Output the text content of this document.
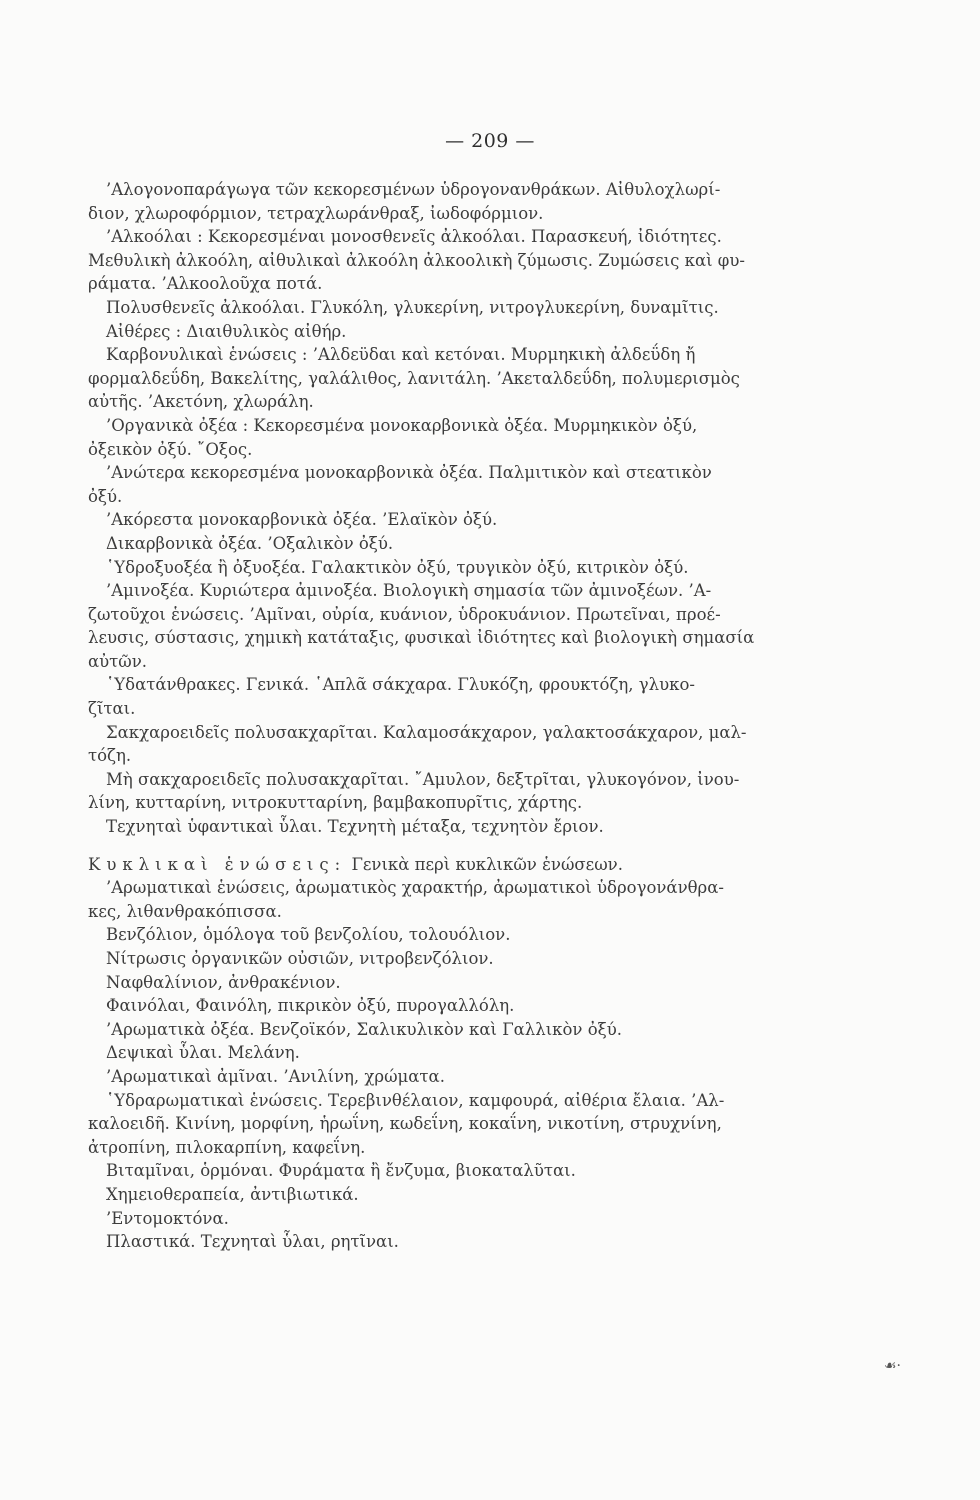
— 209 —
’Αλογονοπαράγωγα τῶν κεκορεσμένων ὑδρογονανθράκων. Αἰθυλοχλωρί-
διον, χλωροφόρμιον, τετραχλωράνθραξ, ἰωδοφόρμιον.
’Αλκοόλαι : Κεκορεσμέναι μονοσθενεῖς ἀλκοόλαι. Παρασκευή, ἰδιότητες.
Μεθυλικὴ ἀλκοόλη, αἰθυλικαὶ ἀλκοόλη ἀλκοολικὴ ζύμωσις. Ζυμώσεις καὶ φυ-
ράματα. ’Αλκοολοῦχα ποτά.
Πολυσθενεῖς ἀλκοόλαι. Γλυκόλη, γλυκερίνη, νιτρογλυκερίνη, δυναμῖτις.
Αἰθέρες : Διαιθυλικὸς αἰθήρ.
Καρβονυλικαὶ ἑνώσεις : ’Αλδεϋδαι καὶ κετόναι. Μυρμηκικὴ ἀλδεΰδη ἤ
φορμαλδεΰδη, Βακελίτης, γαλάλιθος, λανιτάλη. ’Ακεταλδεΰδη, πολυμερισμὸς
αὐτῆς. ’Ακετόνη, χλωράλη.
’Οργανικὰ ὀξέα : Κεκορεσμένα μονοκαρβονικὰ ὀξέα. Μυρμηκικὸν ὀξύ,
ὀξεικὸν ὀξύ. ῎Οξος.
’Ανώτερα κεκορεσμένα μονοκαρβονικὰ ὀξέα. Παλμιτικὸν καὶ στεατικὸν
ὀξύ.
’Ακόρεστα μονοκαρβονικὰ ὀξέα. ’Ελαϊκὸν ὀξύ.
Δικαρβονικὰ ὀξέα. ’Οξαλικὸν ὀξύ.
῾Υδροξυοξέα ἢ ὀξυοξέα. Γαλακτικὸν ὀξύ, τρυγικὸν ὀξύ, κιτρικὸν ὀξύ.
’Αμινοξέα. Κυριώτερα ἀμινοξέα. Βιολογικὴ σημασία τῶν ἀμινοξέων. ’Α-
ζωτοῦχοι ἑνώσεις. ’Αμῖναι, οὐρία, κυάνιον, ὑδροκυάνιον. Πρωτεῖναι, προέ-
λευσις, σύστασις, χημικὴ κατάταξις, φυσικαὶ ἰδιότητες καὶ βιολογικὴ σημασία
αὐτῶν.
῾Υδατάνθρακες. Γενικά. ῾Απλᾶ σάκχαρα. Γλυκόζη, φρουκτόζη, γλυκο-
ζῖται.
Σακχαροειδεῖς πολυσακχαρῖται. Καλαμοσάκχαρον, γαλακτοσάκχαρον, μαλ-
τόζη.
Μὴ σακχαροειδεῖς πολυσακχαρῖται. ῎Αμυλον, δεξτρῖται, γλυκογόνον, ἰνου-
λίνη, κυτταρίνη, νιτροκυτταρίνη, βαμβακοπυρῖτις, χάρτης.
Τεχνηταὶ ὑφαντικαὶ ὗλαι. Τεχνητὴ μέταξα, τεχνητὸν ἔριον.
Κυκλικαὶ ἑνώσεις: Γενικὰ περὶ κυκλικῶν ἑνώσεων.
’Αρωματικαὶ ἑνώσεις, ἀρωματικὸς χαρακτήρ, ἀρωματικοὶ ὑδρογονάνθρα-
κες, λιθανθρακόπισσα.
Βενζόλιον, ὁμόλογα τοῦ βενζολίου, τολουόλιον.
Νίτρωσις ὀργανικῶν οὐσιῶν, νιτροβενζόλιον.
Ναφθαλίνιον, ἀνθρακένιον.
Φαινόλαι, Φαινόλη, πικρικὸν ὀξύ, πυρογαλλόλη.
’Αρωματικὰ ὀξέα. Βενζοϊκόν, Σαλικυλικὸν καὶ Γαλλικὸν ὀξύ.
Δεψικαὶ ὗλαι. Μελάνη.
’Αρωματικαὶ ἀμῖναι. ’Ανιλίνη, χρώματα.
῾Υδραρωματικαὶ ἑνώσεις. Τερεβινθέλαιον, καμφουρά, αἰθέρια ἔλαια. ’Αλ-
καλοειδῆ. Κινίνη, μορφίνη, ἡρωΐνη, κωδεΐνη, κοκαΐνη, νικοτίνη, στρυχνίνη,
ἀτροπίνη, πιλοκαρπίνη, καφεΐνη.
Βιταμῖναι, ὁρμόναι. Φυράματα ἢ ἔνζυμα, βιοκαταλῦται.
Χημειοθεραπεία, ἀντιβιωτικά.
’Εντομοκτόνα.
Πλαστικά. Τεχνηταὶ ὗλαι, ρητῖναι.
☙·
